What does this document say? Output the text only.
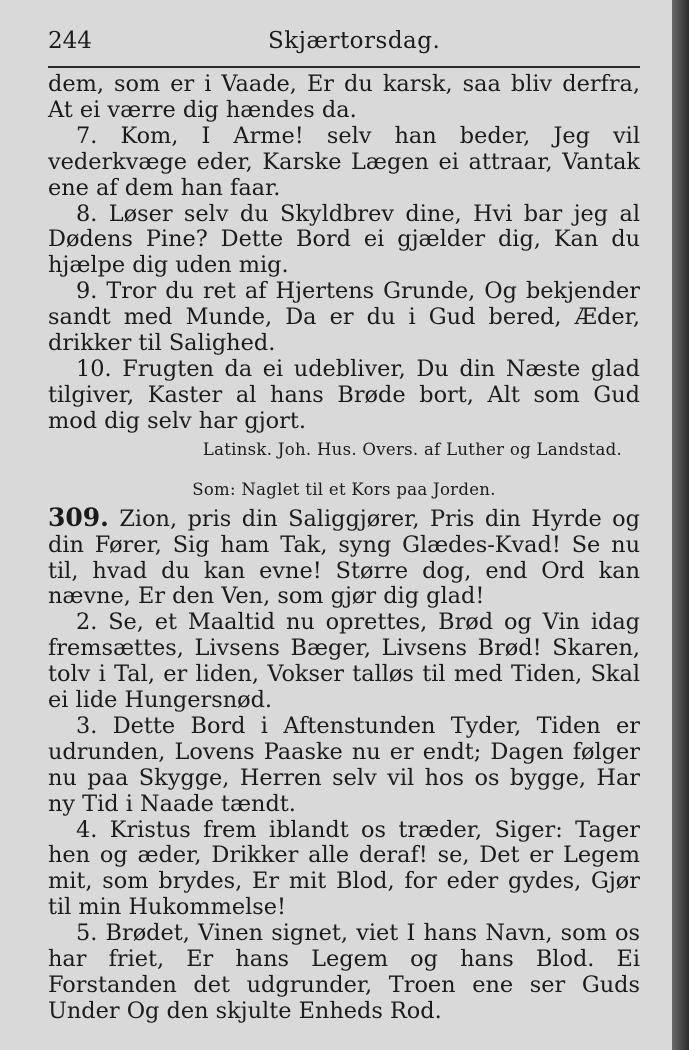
244	Skjærtorsdag.
dem, som er i Vaade, Er du karsk, saa bliv derfra, At ei værre dig hændes da.
7. Kom, I Arme! selv han beder, Jeg vil vederkvæge eder, Karske Lægen ei attraar, Vantak ene af dem han faar.
8. Løser selv du Skyldbrev dine, Hvi bar jeg al Dødens Pine? Dette Bord ei gjælder dig, Kan du hjælpe dig uden mig.
9. Tror du ret af Hjertens Grunde, Og bekjender sandt med Munde, Da er du i Gud bered, Æder, drikker til Salighed.
10. Frugten da ei udebliver, Du din Næste glad tilgiver, Kaster al hans Brøde bort, Alt som Gud mod dig selv har gjort.
Latinsk. Joh. Hus. Overs. af Luther og Landstad.
Som: Naglet til et Kors paa Jorden.
309. Zion, pris din Saliggjører, Pris din Hyrde og din Fører, Sig ham Tak, syng Glædes-Kvad! Se nu til, hvad du kan evne! Større dog, end Ord kan nævne, Er den Ven, som gjør dig glad!
2. Se, et Maaltid nu oprettes, Brød og Vin idag fremsættes, Livsens Bæger, Livsens Brød! Skaren, tolv i Tal, er liden, Vokser talløs til med Tiden, Skal ei lide Hungersnød.
3. Dette Bord i Aftenstunden Tyder, Tiden er udrunden, Lovens Paaske nu er endt; Dagen følger nu paa Skygge, Herren selv vil hos os bygge, Har ny Tid i Naade tændt.
4. Kristus frem iblandt os træder, Siger: Tager hen og æder, Drikker alle deraf! se, Det er Legem mit, som brydes, Er mit Blod, for eder gydes, Gjør til min Hukommelse!
5. Brødet, Vinen signet, viet I hans Navn, som os har friet, Er hans Legem og hans Blod. Ei Forstanden det udgrunder, Troen ene ser Guds Under Og den skjulte Enheds Rod.
